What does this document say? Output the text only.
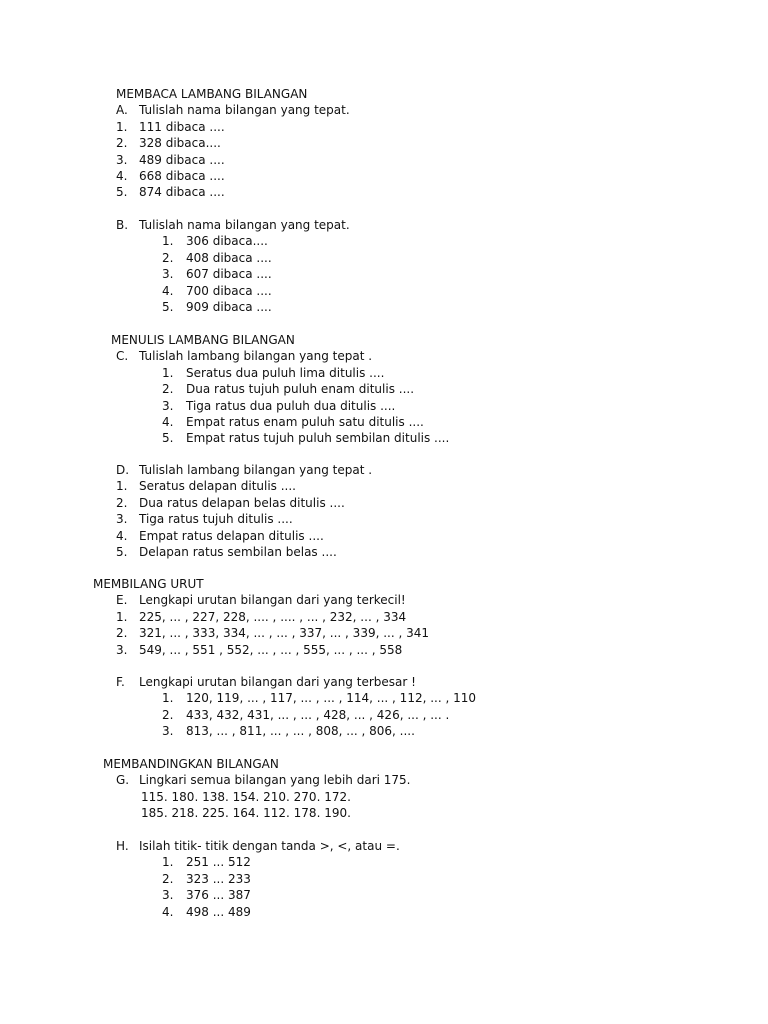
MEMBACA LAMBANG BILANGAN
A. Tulislah nama bilangan yang tepat.
1. 111 dibaca ....
2. 328 dibaca....
3. 489 dibaca ....
4. 668 dibaca ....
5. 874 dibaca ....
B. Tulislah nama bilangan yang tepat.
1. 306 dibaca....
2. 408 dibaca ....
3. 607 dibaca ....
4. 700 dibaca ....
5. 909 dibaca ....
MENULIS LAMBANG BILANGAN
C. Tulislah lambang bilangan yang tepat .
1. Seratus dua puluh lima ditulis ....
2. Dua ratus tujuh puluh enam ditulis ....
3. Tiga ratus dua puluh dua ditulis ....
4. Empat ratus enam puluh satu ditulis ....
5. Empat ratus tujuh puluh sembilan ditulis ....
D. Tulislah lambang bilangan yang tepat .
1. Seratus delapan ditulis ....
2. Dua ratus delapan belas ditulis ....
3. Tiga ratus tujuh ditulis ....
4. Empat ratus delapan ditulis ....
5. Delapan ratus sembilan belas ....
MEMBILANG URUT
E. Lengkapi urutan bilangan dari yang terkecil!
1. 225, ... , 227, 228, .... , .... , ... , 232, ... , 334
2. 321, ... , 333, 334, ... , ... , 337, ... , 339, ... , 341
3. 549, ... , 551 , 552, ... , ... , 555, ... , ... , 558
F. Lengkapi urutan bilangan dari yang terbesar !
1. 120, 119, ... , 117, ... , ... , 114, ... , 112, ... , 110
2. 433, 432, 431, ... , ... , 428, ... , 426, ... , ... .
3. 813, ... , 811, ... , ... , 808, ... , 806, ....
MEMBANDINGKAN BILANGAN
G. Lingkari semua bilangan yang lebih dari 175.
115. 180. 138. 154. 210. 270. 172.
185. 218. 225. 164. 112. 178. 190.
H. Isilah titik- titik dengan tanda >, <, atau =.
1. 251 ... 512
2. 323 ... 233
3. 376 ... 387
4. 498 ... 489
